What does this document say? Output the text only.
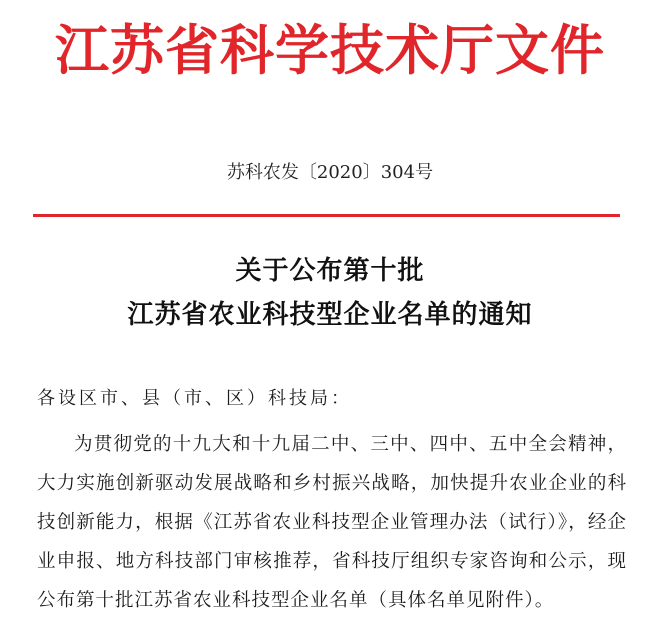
江苏省科学技术厅文件
苏科农发〔2020〕304号
关于公布第十批
江苏省农业科技型企业名单的通知
各设区市、县（市、区）科技局：
为贯彻党的十九大和十九届二中、三中、四中、五中全会精神，大力实施创新驱动发展战略和乡村振兴战略，加快提升农业企业的科技创新能力，根据《江苏省农业科技型企业管理办法（试行）》，经企业申报、地方科技部门审核推荐，省科技厅组织专家咨询和公示，现公布第十批江苏省农业科技型企业名单（具体名单见附件）。
